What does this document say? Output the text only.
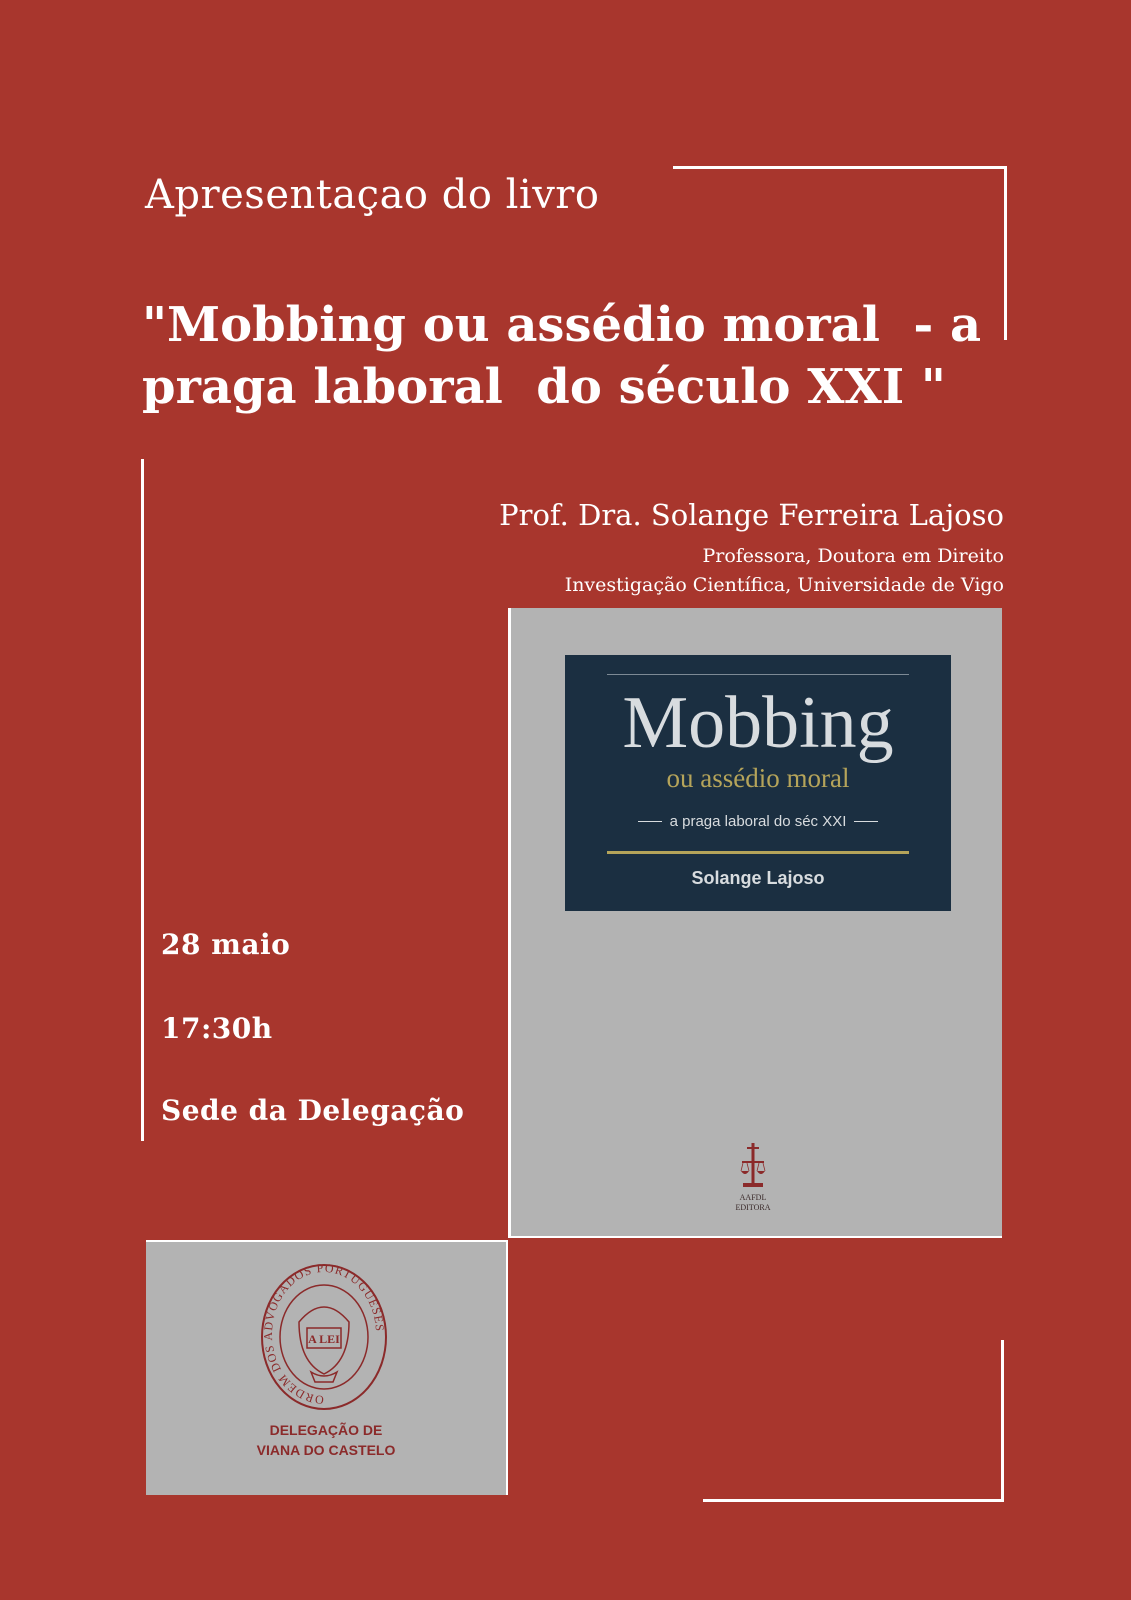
Apresentaçao do livro
"Mobbing ou assédio moral  - a
praga laboral  do século XXI "
Prof. Dra. Solange Ferreira Lajoso
Professora, Doutora em Direito
Investigação Científica, Universidade de Vigo
28 maio
17:30h
Sede da Delegação
Mobbing
ou assédio moral
a praga laboral do séc XXI
Solange Lajoso
AAFDL
EDITORA
ORDEM DOS ADVOGADOS PORTUGUESES
A LEI
DELEGAÇÃO DE
VIANA DO CASTELO
